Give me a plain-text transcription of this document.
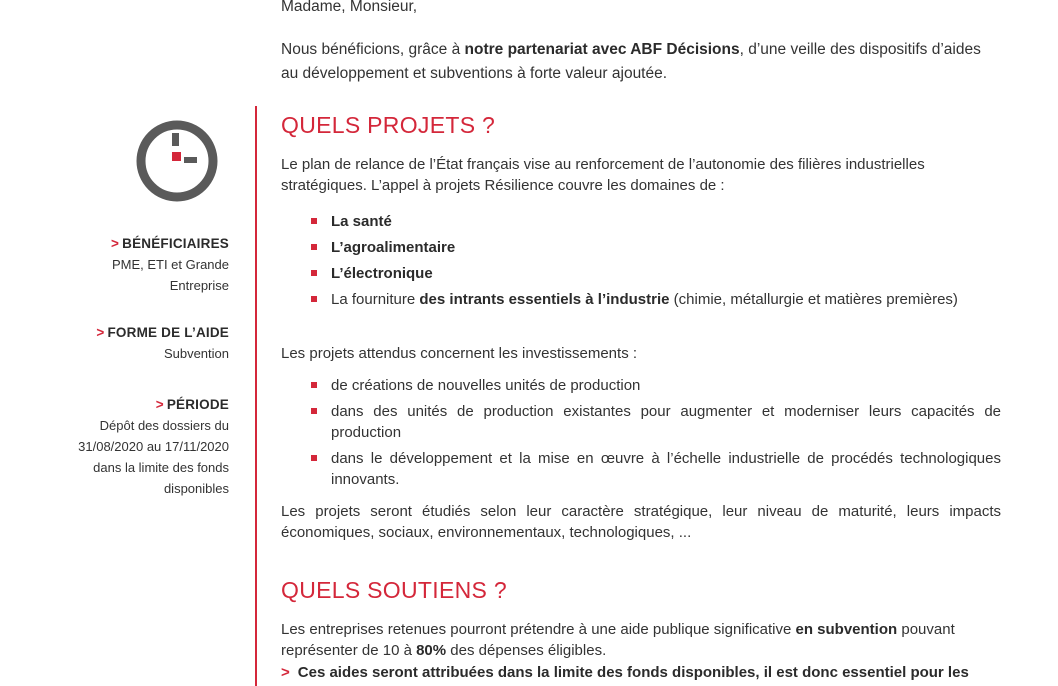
Madame, Monsieur,
Nous bénéficions, grâce à notre partenariat avec ABF Décisions, d’une veille des dispositifs d’aides au développement et subventions à forte valeur ajoutée.
> BÉNÉFICIAIRES
PME, ETI et Grande
Entreprise
> FORME DE L’AIDE
Subvention
> PÉRIODE
Dépôt des dossiers du
31/08/2020 au 17/11/2020
dans la limite des fonds
disponibles
QUELS PROJETS ?
Le plan de relance de l’État français vise au renforcement de l’autonomie des filières industrielles stratégiques. L’appel à projets Résilience couvre les domaines de :
La santé
L’agroalimentaire
L’électronique
La fourniture des intrants essentiels à l’industrie (chimie, métallurgie et matières premières)
Les projets attendus concernent les investissements :
de créations de nouvelles unités de production
dans des unités de production existantes pour augmenter et moderniser leurs capacités de production
dans le développement et la mise en œuvre à l’échelle industrielle de procédés technologiques innovants.
Les projets seront étudiés selon leur caractère stratégique, leur niveau de maturité, leurs impacts économiques, sociaux, environnementaux, technologiques, ...
QUELS SOUTIENS ?
Les entreprises retenues pourront prétendre à une aide publique significative en subvention pouvant représenter de 10 à 80% des dépenses éligibles.
> Ces aides seront attribuées dans la limite des fonds disponibles, il est donc essentiel pour les
